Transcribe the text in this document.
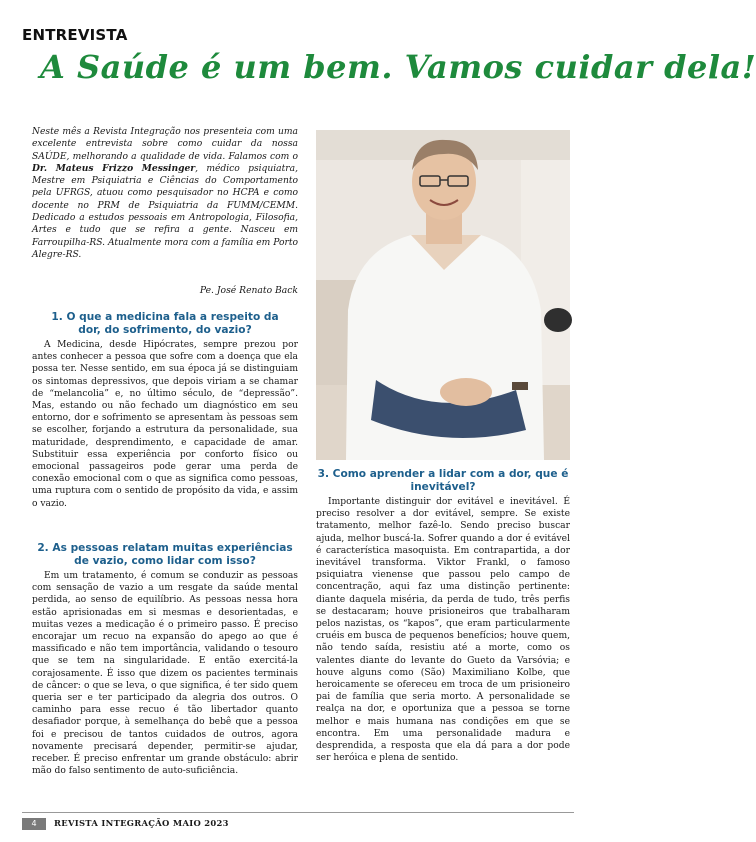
ENTREVISTA
A Saúde é um bem. Vamos cuidar dela!

Neste mês a Revista Integração nos presenteia com uma excelente entrevista sobre como cuidar da nossa SAÚDE, melhorando a qualidade de vida. Falamos com o Dr. Mateus Frizzo Messinger, médico psiquiatra, Mestre em Psiquiatria e Ciências do Comportamento pela UFRGS, atuou como pesquisador no HCPA e como docente no PRM de Psiquiatria da FUMM/CEMM. Dedicado a estudos pessoais em Antropologia, Filosofia, Artes e tudo que se refira a gente. Nasceu em Farroupilha-RS. Atualmente mora com a família em Porto Alegre-RS.

Pe. José Renato Back
1. O que a medicina fala a respeito da dor, do sofrimento, do vazio?

A Medicina, desde Hipócrates, sempre prezou por antes conhecer a pessoa que sofre com a doença que ela possa ter. Nesse sentido, em sua época já se distinguiam os sintomas depressivos, que depois viriam a se chamar de “melancolia” e, no último século, de “depressão”. Mas, estando ou não fechado um diagnóstico em seu entorno, dor e sofrimento se apresentam às pessoas sem se escolher, forjando a estrutura da personalidade, sua maturidade, desprendimento, e capacidade de amar. Substituir essa experiência por conforto físico ou emocional passageiros pode gerar uma perda de conexão emocional com o que as significa como pessoas, uma ruptura com o sentido de propósito da vida, e assim o vazio.

2. As pessoas relatam muitas experiências de vazio, como lidar com isso?

Em um tratamento, é comum se conduzir as pessoas com sensação de vazio a um resgate da saúde mental perdida, ao senso de equilíbrio. As pessoas nessa hora estão aprisionadas em si mesmas e desorientadas, e muitas vezes a medicação é o primeiro passo. É preciso encorajar um recuo na expansão do apego ao que é massificado e não tem importância, validando o tesouro que se tem na singularidade. E então exercitá-la corajosamente. É isso que dizem os pacientes terminais de câncer: o que se leva, o que significa, é ter sido quem queria ser e ter participado da alegria dos outros. O caminho para esse recuo é tão libertador quanto desafiador porque, à semelhança do bebê que a pessoa foi e precisou de tantos cuidados de outros, agora novamente precisará depender, permitir-se ajudar, receber. É preciso enfrentar um grande obstáculo: abrir mão do falso sentimento de auto-suficiência.

3. Como aprender a lidar com a dor, que é inevitável?

Importante distinguir dor evitável e inevitável. É preciso resolver a dor evitável, sempre. Se existe tratamento, melhor fazê-lo. Sendo preciso buscar ajuda, melhor buscá-la. Sofrer quando a dor é evitável é característica masoquista. Em contrapartida, a dor inevitável transforma. Viktor Frankl, o famoso psiquiatra vienense que passou pelo campo de concentração, aqui faz uma distinção pertinente: diante daquela miséria, da perda de tudo, três perfis se destacaram; houve prisioneiros que trabalharam pelos nazistas, os “kapos”, que eram particularmente cruéis em busca de pequenos benefícios; houve quem, não tendo saída, resistiu até a morte, como os valentes diante do levante do Gueto da Varsóvia; e houve alguns como (São) Maximiliano Kolbe, que heroicamente se ofereceu em troca de um prisioneiro pai de família que seria morto. A personalidade se realça na dor, e oportuniza que a pessoa se torne melhor e mais humana nas condições em que se encontra. Em uma personalidade madura e desprendida, a resposta que ela dá para a dor pode ser heróica e plena de sentido.

4	REVISTA INTEGRAÇÃO MAIO 2023
